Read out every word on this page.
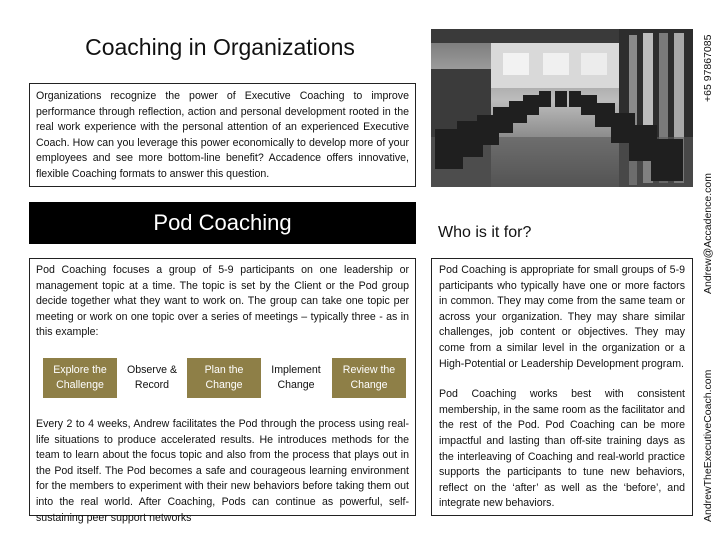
Coaching in Organizations
Organizations recognize the power of Executive Coaching to improve performance through reflection, action and personal development rooted in the real work experience with the personal attention of an experienced Executive Coach. How can you leverage this power economically to develop more of your employees and see more bottom-line benefit? Accadence offers innovative, flexible Coaching formats to answer this question.
Pod Coaching	Who is it for?

Pod Coaching focuses a group of 5-9 participants on one leadership or management topic at a time. The topic is set by the Client or the Pod group decide together what they want to work on. The group can take one topic per meeting or work on one topic over a series of meetings – typically three - as in this example:

Explore the Challenge
Observe & Record
Plan the Change
Implement Change
Review the Change

Every 2 to 4 weeks, Andrew facilitates the Pod through the process using real-life situations to produce accelerated results. He introduces methods for the team to learn about the focus topic and also from the process that plays out in the Pod itself. The Pod becomes a safe and courageous learning environment for the members to experiment with their new behaviors before taking them out into the real world. After Coaching, Pods can continue as powerful, self-sustaining peer support networks

Pod Coaching is appropriate for small groups of 5-9 participants who typically have one or more factors in common. They may come from the same team or across your organization. They may share similar challenges, job content or objectives. They may come from a similar level in the organization or a High-Potential or Leadership Development program.

Pod Coaching works best with consistent membership, in the same room as the facilitator and the rest of the Pod. Pod Coaching can be more impactful and lasting than off-site training days as the interleaving of Coaching and real-world practice supports the participants to tune new behaviors, reflect on the ‘after’ as well as the ‘before’, and integrate new behaviors.

+65 97867085
Andrew@Accadence.com
AndrewTheExecutiveCoach.com
